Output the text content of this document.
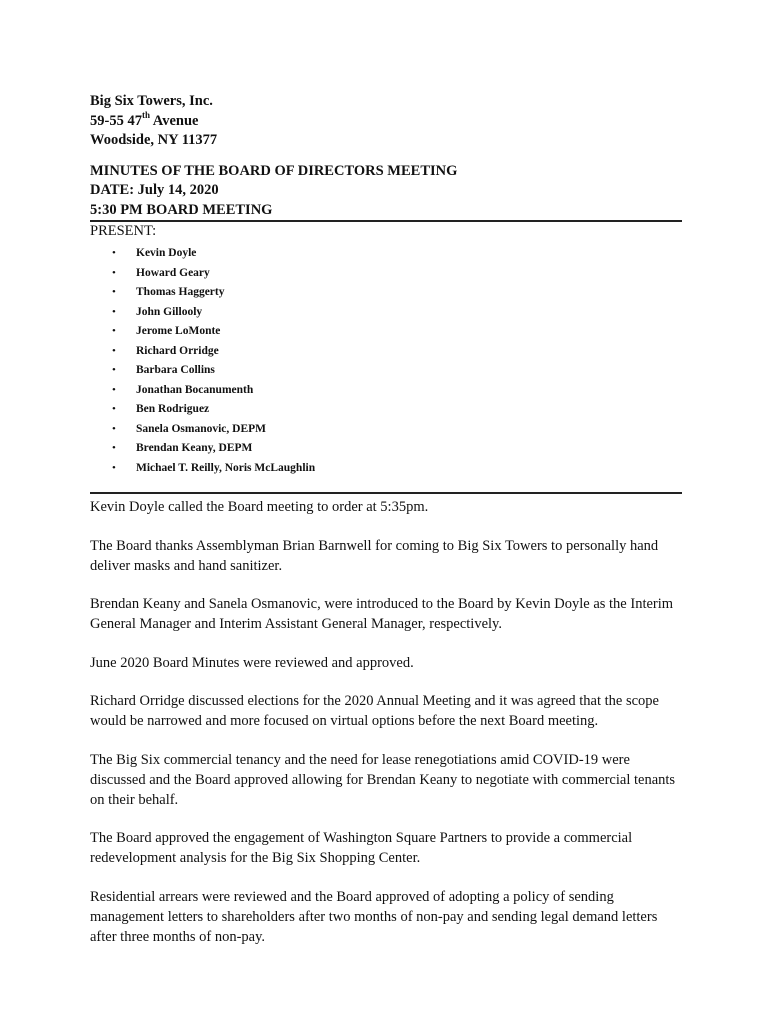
Big Six Towers, Inc.
59-55 47th Avenue
Woodside, NY 11377
MINUTES OF THE BOARD OF DIRECTORS MEETING
DATE: July 14, 2020
5:30 PM BOARD MEETING
PRESENT:
• Kevin Doyle
• Howard Geary
• Thomas Haggerty
• John Gillooly
• Jerome LoMonte
• Richard Orridge
• Barbara Collins
• Jonathan Bocanumenth
• Ben Rodriguez
• Sanela Osmanovic, DEPM
• Brendan Keany, DEPM
• Michael T. Reilly, Noris McLaughlin

Kevin Doyle called the Board meeting to order at 5:35pm.

The Board thanks Assemblyman Brian Barnwell for coming to Big Six Towers to personally hand deliver masks and hand sanitizer.

Brendan Keany and Sanela Osmanovic, were introduced to the Board by Kevin Doyle as the Interim General Manager and Interim Assistant General Manager, respectively.

June 2020 Board Minutes were reviewed and approved.

Richard Orridge discussed elections for the 2020 Annual Meeting and it was agreed that the scope would be narrowed and more focused on virtual options before the next Board meeting.

The Big Six commercial tenancy and the need for lease renegotiations amid COVID-19 were discussed and the Board approved allowing for Brendan Keany to negotiate with commercial tenants on their behalf.

The Board approved the engagement of Washington Square Partners to provide a commercial redevelopment analysis for the Big Six Shopping Center.

Residential arrears were reviewed and the Board approved of adopting a policy of sending management letters to shareholders after two months of non-pay and sending legal demand letters after three months of non-pay.
